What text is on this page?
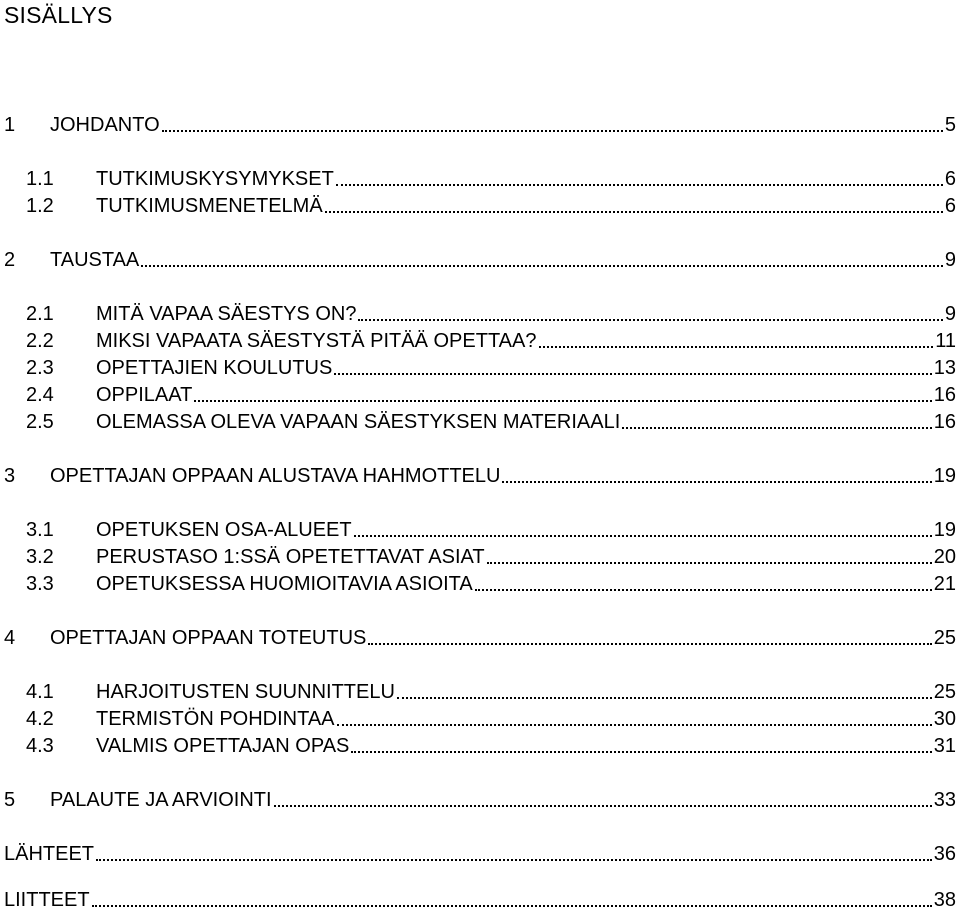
SISÄLLYS
1	JOHDANTO	5
1.1	TUTKIMUSKYSYMYKSET	6
1.2	TUTKIMUSMENETELMÄ	6
2	TAUSTAA	9
2.1	MITÄ VAPAA SÄESTYS ON?	9
2.2	MIKSI VAPAATA SÄESTYSTÄ PITÄÄ OPETTAA?	11
2.3	OPETTAJIEN KOULUTUS	13
2.4	OPPILAAT	16
2.5	OLEMASSA OLEVA VAPAAN SÄESTYKSEN MATERIAALI	16
3	OPETTAJAN OPPAAN ALUSTAVA HAHMOTTELU	19
3.1	OPETUKSEN OSA-ALUEET	19
3.2	PERUSTASO 1:SSÄ OPETETTAVAT ASIAT	20
3.3	OPETUKSESSA HUOMIOITAVIA ASIOITA	21
4	OPETTAJAN OPPAAN TOTEUTUS	25
4.1	HARJOITUSTEN SUUNNITTELU	25
4.2	TERMISTÖN POHDINTAA	30
4.3	VALMIS OPETTAJAN OPAS	31
5	PALAUTE JA ARVIOINTI	33
LÄHTEET	36
LIITTEET	38
